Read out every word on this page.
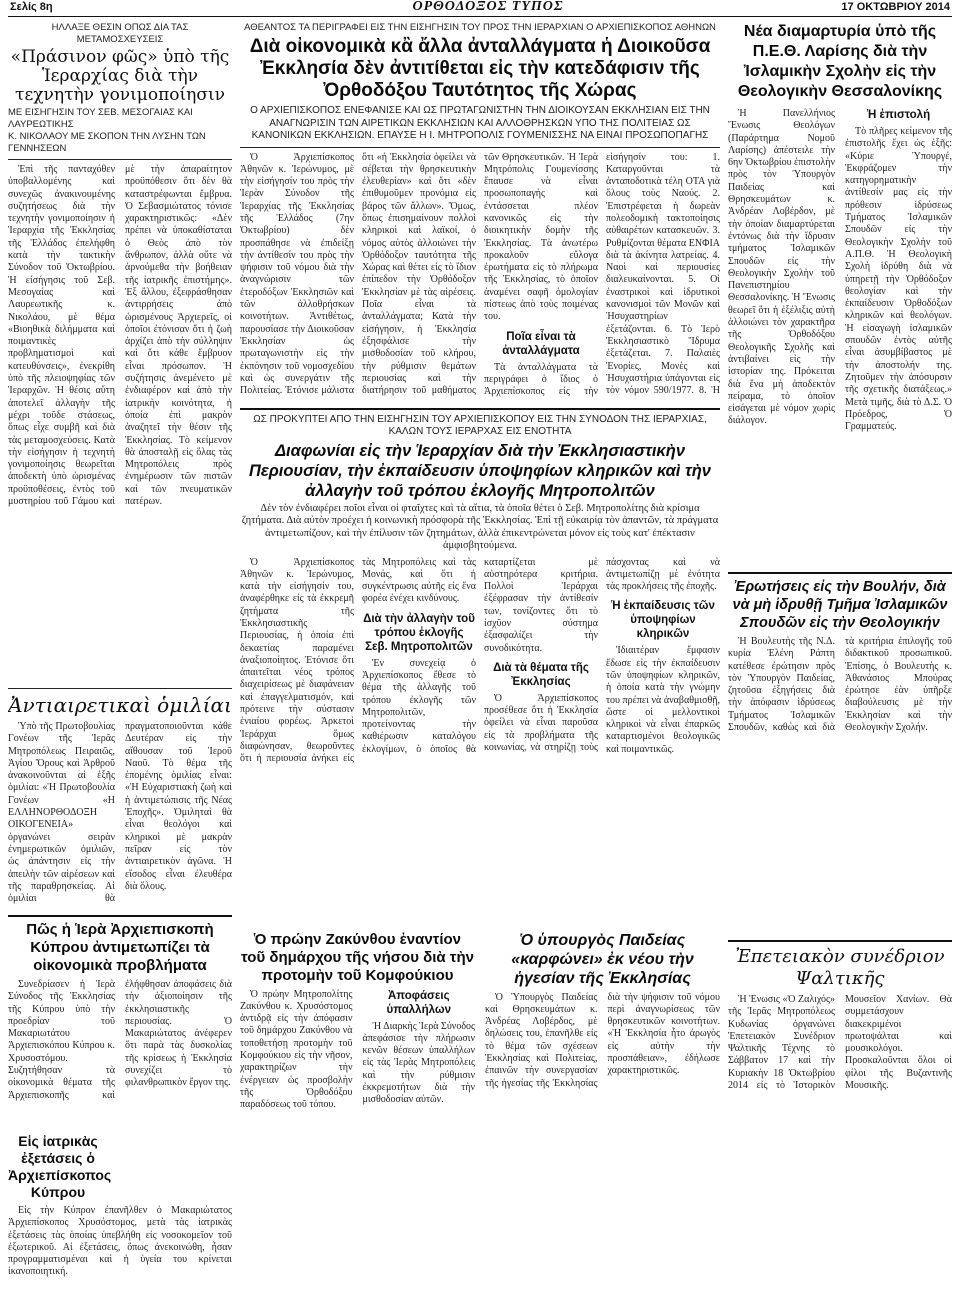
Σελίς 8η	ΟΡΘΟΔΟΞΟΣ ΤΥΠΟΣ	17 ΟΚΤΩΒΡΙΟΥ 2014
ΗΛΛΑΞΕ ΘΕΣΙΝ ΟΠΩΣ ΔΙΑ ΤΑΣ ΜΕΤΑΜΟΣΧΕΥΣΕΙΣ
«Πράσινον φῶς» ὑπὸ τῆς Ἱεραρχίας διὰ τὴν τεχνητὴν γονιμοποίησιν
ΜΕ ΕΙΣΗΓΗΣΙΝ ΤΟΥ ΣΕΒ. ΜΕΣΟΓΑΙΑΣ ΚΑΙ ΛΑΥΡΕΩΤΙΚΗΣ
Κ. ΝΙΚΟΛΑΟΥ ΜΕ ΣΚΟΠΟΝ ΤΗΝ ΛΥΣΗΝ ΤΩΝ ΓΕΝΝΗΣΕΩΝ

Ἐπὶ τῆς πανταχόθεν ὑποβαλλομένης καὶ συνεχῶς ἀνακινουμένης συζητήσεως διὰ τὴν τεχνητὴν γονιμοποίησιν ἡ Ἱεραρχία τῆς Ἐκκλησίας τῆς Ἑλλάδος ἐπελήφθη κατὰ τὴν τακτικὴν Σύνοδον τοῦ Ὀκτωβρίου. Ἡ εἰσήγησις τοῦ Σεβ. Μεσογαίας καὶ Λαυρεωτικῆς κ. Νικολάου, μὲ θέμα «Βιοηθικὰ διλήμματα καὶ ποιμαντικὲς προβληματισμοὶ καὶ κατευθύνσεις», ἐνεκρίθη ὑπὸ τῆς πλειοψηφίας τῶν Ἱεραρχῶν. Ἡ θέσις αὕτη ἀποτελεῖ ἀλλαγὴν τῆς μέχρι τοῦδε στάσεως, ὅπως εἶχε συμβῆ καὶ διὰ τὰς μεταμοσχεύσεις. Κατὰ τὴν εἰσήγησιν ἡ τεχνητὴ γονιμοποίησις θεωρεῖται ἀποδεκτὴ ὑπὸ ὡρισμένας προϋποθέσεις, ἐντὸς τοῦ μυστηρίου τοῦ Γάμου καὶ μὲ τὴν ἀπαραίτητον προϋπόθεσιν ὅτι δὲν θὰ καταστρέφωνται ἔμβρυα. Ὁ Σεβασμιώτατος τόνισε χαρακτηριστικῶς: «Δὲν πρέπει νὰ ὑποκαθίσταται ὁ Θεὸς ἀπὸ τὸν ἄνθρωπον, ἀλλὰ οὔτε νὰ ἀρνούμεθα τὴν βοήθειαν τῆς ἰατρικῆς ἐπιστήμης». Ἐξ ἄλλου, ἐξεφράσθησαν ἀντιρρήσεις ἀπὸ ὡρισμένους Ἀρχιερεῖς, οἱ ὁποῖοι ἐτόνισαν ὅτι ἡ ζωὴ ἀρχίζει ἀπὸ τὴν σύλληψιν καὶ ὅτι κάθε ἔμβρυον εἶναι πρόσωπον. Ἡ συζήτησις ἀνεμένετο μὲ ἐνδιαφέρον καὶ ἀπὸ τὴν ἰατρικὴν κοινότητα, ἡ ὁποία ἐπὶ μακρὸν ἀναζητεῖ τὴν θέσιν τῆς Ἐκκλησίας. Τὸ κείμενον θὰ ἀποσταλῇ εἰς ὅλας τὰς Μητροπόλεις πρὸς ἐνημέρωσιν τῶν πιστῶν καὶ τῶν πνευματικῶν πατέρων.

Ἀντιαιρετικαὶ ὁμιλίαι

Ὑπὸ τῆς Πρωτοβουλίας Γονέων τῆς Ἱερᾶς Μητροπόλεως Πειραιῶς, Ἁγίου Ὄρους καὶ Ἀρθροῦ ἀνακοινοῦνται αἱ ἑξῆς ὁμιλίαι: «Ἡ Πρωτοβουλία Γονέων «Η ΕΛΛΗΝΟΡΘΟΔΟΞΗ ΟΙΚΟΓΕΝΕΙΑ» ὀργανώνει σειρὰν ἐνημερωτικῶν ὁμιλιῶν, ὡς ἀπάντησιν εἰς τὴν ἀπειλὴν τῶν αἱρέσεων καὶ τῆς παραθρησκείας. Αἱ ὁμιλίαι θὰ πραγματοποιοῦνται κάθε Δευτέραν εἰς τὴν αἴθουσαν τοῦ Ἱεροῦ Ναοῦ. Τὸ θέμα τῆς ἑπομένης ὁμιλίας εἶναι: «Ἡ Εὐχαριστιακὴ ζωὴ καὶ ἡ ἀντιμετώπισις τῆς Νέας Ἐποχῆς». Ὁμιληταὶ θὰ εἶναι θεολόγοι καὶ κληρικοὶ μὲ μακρὰν πεῖραν εἰς τὸν ἀντιαιρετικὸν ἀγῶνα. Ἡ εἴσοδος εἶναι ἐλευθέρα διὰ ὅλους.

Πῶς ἡ Ἱερὰ Ἀρχιεπισκοπὴ Κύπρου ἀντιμετωπίζει τὰ οἰκονομικὰ προβλήματα

Συνεδρίασεν ἡ Ἱερὰ Σύνοδος τῆς Ἐκκλησίας τῆς Κύπρου ὑπὸ τὴν προεδρίαν τοῦ Μακαριωτάτου Ἀρχιεπισκόπου Κύπρου κ. Χρυσοστόμου. Συζητήθησαν τὰ οἰκονομικὰ θέματα τῆς Ἀρχιεπισκοπῆς καὶ ἐλήφθησαν ἀποφάσεις διὰ τὴν ἀξιοποίησιν τῆς ἐκκλησιαστικῆς περιουσίας. Ὁ Μακαριώτατος ἀνέφερεν ὅτι παρὰ τὰς δυσκολίας τῆς κρίσεως ἡ Ἐκκλησία συνεχίζει τὸ φιλανθρωπικὸν ἔργον της.

Εἰς ἰατρικὰς ἐξετάσεις ὁ Ἀρχιεπίσκοπος Κύπρου

Εἰς τὴν Κύπρον ἐπανῆλθεν ὁ Μακαριώτατος Ἀρχιεπίσκοπος Χρυσόστομος, μετὰ τὰς ἰατρικὰς ἐξετάσεις τὰς ὁποίας ὑπεβλήθη εἰς νοσοκομεῖον τοῦ ἐξωτερικοῦ. Αἱ ἐξετάσεις, ὅπως ἀνεκοινώθη, ἦσαν προγραμματισμέναι καὶ ἡ ὑγεία του κρίνεται ἱκανοποιητική.

ΑΘΕΑΝΤΟΣ ΤΑ ΠΕΡΙΓΡΑΦΕΙ ΕΙΣ ΤΗΝ ΕΙΣΗΓΗΣΙΝ ΤΟΥ ΠΡΟΣ ΤΗΝ ΙΕΡΑΡΧΙΑΝ Ο ΑΡΧΙΕΠΙΣΚΟΠΟΣ ΑΘΗΝΩΝ
Διὰ οἰκονομικὰ κἂ ἄλλα ἀνταλλάγματα ἡ Διοικοῦσα Ἐκκλησία δὲν ἀντιτίθεται εἰς τὴν κατεδάφισιν τῆς Ὀρθοδόξου Ταυτότητος τῆς Χώρας
Ο ΑΡΧΙΕΠΙΣΚΟΠΟΣ ΕΝΕΦΑΝΙΣΕ ΚΑΙ ΩΣ ΠΡΩΤΑΓΩΝΙΣΤΗΝ ΤΗΝ ΔΙΟΙΚΟΥΣΑΝ ΕΚΚΛΗΣΙΑΝ ΕΙΣ ΤΗΝ ΑΝΑΓΝΩΡΙΣΙΝ ΤΩΝ ΑΙΡΕΤΙΚΩΝ ΕΚΚΛΗΣΙΩΝ ΚΑΙ ΑΛΛΟΘΡΗΣΚΩΝ ΥΠΟ ΤΗΣ ΠΟΛΙΤΕΙΑΣ ΩΣ ΚΑΝΟΝΙΚΩΝ ΕΚΚΛΗΣΙΩΝ. ΕΠΑΥΣΕ Η Ι. ΜΗΤΡΟΠΟΛΙΣ ΓΟΥΜΕΝΙΣΣΗΣ ΝΑ ΕΙΝΑΙ ΠΡΟΣΩΠΟΠΑΓΗΣ

Ὁ Ἀρχιεπίσκοπος Ἀθηνῶν κ. Ἱερώνυμος, μὲ τὴν εἰσήγησίν του πρὸς τὴν Ἱερὰν Σύνοδον τῆς Ἱεραρχίας τῆς Ἐκκλησίας τῆς Ἑλλάδος (7ην Ὀκτωβρίου) δὲν προσπάθησε νὰ ἐπιδείξῃ τὴν ἀντίθεσίν του πρὸς τὴν ψήφισιν τοῦ νόμου διὰ τὴν ἀναγνώρισιν τῶν ἑτεροδόξων Ἐκκλησιῶν καὶ τῶν ἀλλοθρήσκων κοινοτήτων. Ἀντιθέτως, παρουσίασε τὴν Διοικοῦσαν Ἐκκλησίαν ὡς πρωταγωνιστὴν εἰς τὴν ἐκπόνησιν τοῦ νομοσχεδίου καὶ ὡς συνεργάτιν τῆς Πολιτείας. Ἐτόνισε μάλιστα ὅτι «ἡ Ἐκκλησία ὀφείλει νὰ σέβεται τὴν θρησκευτικὴν ἐλευθερίαν» καὶ ὅτι «δὲν ἐπιθυμοῦμεν προνόμια εἰς βάρος τῶν ἄλλων». Ὅμως, ὅπως ἐπισημαίνουν πολλοὶ κληρικοὶ καὶ λαϊκοί, ὁ νόμος αὐτὸς ἀλλοιώνει τὴν Ὀρθόδοξον ταυτότητα τῆς Χώρας καὶ θέτει εἰς τὸ ἴδιον ἐπίπεδον τὴν Ὀρθόδοξον Ἐκκλησίαν μὲ τὰς αἱρέσεις. Ποῖα εἶναι τὰ ἀνταλλάγματα; Κατὰ τὴν εἰσήγησιν, ἡ Ἐκκλησία ἐξησφάλισε τὴν μισθοδοσίαν τοῦ κλήρου, τὴν ρύθμισιν θεμάτων περιουσίας καὶ τὴν διατήρησιν τοῦ μαθήματος τῶν Θρησκευτικῶν. Ἡ Ἱερὰ Μητρόπολις Γουμενίσσης ἔπαυσε νὰ εἶναι προσωποπαγὴς καὶ ἐντάσσεται πλέον κανονικῶς εἰς τὴν διοικητικὴν δομὴν τῆς Ἐκκλησίας. Τὰ ἀνωτέρω προκαλοῦν εὔλογα ἐρωτήματα εἰς τὸ πλήρωμα τῆς Ἐκκλησίας, τὸ ὁποῖον ἀναμένει σαφῆ ὁμολογίαν πίστεως ἀπὸ τοὺς ποιμένας του.

Ποῖα εἶναι τὰ ἀνταλλάγματα

Τὰ ἀνταλλάγματα τὰ περιγράφει ὁ ἴδιος ὁ Ἀρχιεπίσκοπος εἰς τὴν εἰσήγησίν του: 1. Καταργοῦνται τὰ ἀνταποδοτικὰ τέλη ΟΤΑ γιὰ ὅλους τοὺς Ναούς. 2. Ἐπιστρέφεται ἡ δωρεὰν πολεοδομικὴ τακτοποίησις αὐθαιρέτων κατασκευῶν. 3. Ρυθμίζονται θέματα ΕΝΦΙΑ διὰ τὰ ἀκίνητα λατρείας. 4. Ναοὶ καὶ περιουσίες διαλευκαίνονται. 5. Οἱ ἐναστρικοὶ καὶ ἱδρυτικοὶ κανονισμοὶ τῶν Μονῶν καὶ Ἡσυχαστηρίων ἐξετάζονται. 6. Τὸ Ἱερὸ Ἐκκλησιαστικὸ Ἵδρυμα ἐξετάζεται. 7. Παλαιὲς Ἐνορίες, Μονὲς καὶ Ἡσυχαστήρια ὑπάγονται εἰς τὸν νόμον 590/1977. 8. Ἡ

ΩΣ ΠΡΟΚΥΠΤΕΙ ΑΠΟ ΤΗΝ ΕΙΣΗΓΗΣΙΝ ΤΟΥ ΑΡΧΙΕΠΙΣΚΟΠΟΥ ΕΙΣ ΤΗΝ ΣΥΝΟΔΟΝ ΤΗΣ ΙΕΡΑΡΧΙΑΣ, ΚΑΛΩΝ ΤΟΥΣ ΙΕΡΑΡΧΑΣ ΕΙΣ ΕΝΟΤΗΤΑ
Διαφωνίαι εἰς τὴν Ἱεραρχίαν διὰ τὴν Ἐκκλησιαστικὴν Περιουσίαν, τὴν ἐκπαίδευσιν ὑποψηφίων κληρικῶν καὶ τὴν ἀλλαγὴν τοῦ τρόπου ἐκλογῆς Μητροπολιτῶν
Δὲν τὸν ἐνδιαφέρει ποῖοι εἶναι οἱ φταῖχτες καὶ τὰ αἴτια, τὰ ὁποῖα θέτει ὁ Σεβ. Μητροπολίτης διὰ κρίσιμα ζητήματα. Διὰ αὐτὸν προέχει ἡ κοινωνικὴ πρόσφορὰ τῆς Ἐκκλησίας. Ἐπὶ τῇ εὐκαιρίᾳ τὸν ἀπαντῶν, τὰ πράγματα ἀντιμετωπίζουν, καὶ τὴν ἐπίλυσιν τῶν ζητημάτων, ἀλλὰ ἐπικεντρώνεται μόνον εἰς τοὺς κατ' ἐπέκτασιν ἀμφισβητούμενα.

Ὁ Ἀρχιεπίσκοπος Ἀθηνῶν κ. Ἱερώνυμος, κατὰ τὴν εἰσήγησίν του, ἀναφέρθηκε εἰς τὰ ἐκκρεμῆ ζητήματα τῆς Ἐκκλησιαστικῆς Περιουσίας, ἡ ὁποία ἐπὶ δεκαετίας παραμένει ἀναξιοποίητος. Ἐτόνισε ὅτι ἀπαιτεῖται νέος τρόπος διαχειρίσεως μὲ διαφάνειαν καὶ ἐπαγγελματισμόν, καὶ πρότεινε τὴν σύστασιν ἑνιαίου φορέως. Ἀρκετοὶ Ἱεράρχαι ὅμως διαφώνησαν, θεωροῦντες ὅτι ἡ περιουσία ἀνήκει εἰς τὰς Μητροπόλεις καὶ τὰς Μονάς, καὶ ὅτι ἡ συγκέντρωσις αὐτῆς εἰς ἕνα φορέα ἐνέχει κινδύνους.

Διὰ τὴν ἀλλαγὴν τοῦ τρόπου ἐκλογῆς Σεβ. Μητροπολιτῶν

Ἐν συνεχείᾳ ὁ Ἀρχιεπίσκοπος ἔθεσε τὸ θέμα τῆς ἀλλαγῆς τοῦ τρόπου ἐκλογῆς τῶν Μητροπολιτῶν, προτείνοντας τὴν καθιέρωσιν καταλόγου ἐκλογίμων, ὁ ὁποῖος θὰ καταρτίζεται μὲ αὐστηρότερα κριτήρια. Πολλοὶ Ἱεράρχαι ἐξέφρασαν τὴν ἀντίθεσίν των, τονίζοντες ὅτι τὸ ἰσχῦον σύστημα ἐξασφαλίζει τὴν συνοδικότητα.

Διὰ τὰ θέματα τῆς Ἐκκλησίας

Ὁ Ἀρχιεπίσκοπος προσέθεσε ὅτι ἡ Ἐκκλησία ὀφείλει νὰ εἶναι παροῦσα εἰς τὰ προβλήματα τῆς κοινωνίας, νὰ στηρίζῃ τοὺς πάσχοντας καὶ νὰ ἀντιμετωπίζῃ μὲ ἐνότητα τὰς προκλήσεις τῆς ἐποχῆς.

Ἡ ἐκπαίδευσις τῶν ὑποψηφίων κληρικῶν

Ἰδιαιτέραν ἔμφασιν ἔδωσε εἰς τὴν ἐκπαίδευσιν τῶν ὑποψηφίων κληρικῶν, ἡ ὁποία κατὰ τὴν γνώμην του πρέπει νὰ ἀναβαθμισθῇ, ὥστε οἱ μελλοντικοὶ κληρικοὶ νὰ εἶναι ἐπαρκῶς καταρτισμένοι θεολογικῶς καὶ ποιμαντικῶς.

Ὁ πρώην Ζακύνθου ἐναντίον τοῦ δημάρχου τῆς νήσου διὰ τὴν προτομὴν τοῦ Κομφούκιου

Ὁ πρώην Μητροπολίτης Ζακύνθου κ. Χρυσόστομος ἀντιδρᾷ εἰς τὴν ἀπόφασιν τοῦ δημάρχου Ζακύνθου νὰ τοποθετήσῃ προτομὴν τοῦ Κομφούκιου εἰς τὴν νῆσον, χαρακτηρίζων τὴν ἐνέργειαν ὡς προσβολὴν τῆς Ὀρθοδόξου παραδόσεως τοῦ τόπου.

Ἀποφάσεις ὑπαλλήλων

Ἡ Διαρκὴς Ἱερὰ Σύνοδος ἀπεφάσισε τὴν πλήρωσιν κενῶν θέσεων ὑπαλλήλων εἰς τὰς Ἱερὰς Μητροπόλεις καὶ τὴν ρύθμισιν ἐκκρεμοτήτων διὰ τὴν μισθοδοσίαν αὐτῶν.

Ὁ ὑπουργὸς Παιδείας «καρφώνει» ἐκ νέου τὴν ἡγεσίαν τῆς Ἐκκλησίας

Ὁ Ὑπουργὸς Παιδείας καὶ Θρησκευμάτων κ. Ἀνδρέας Λοβέρδος, μὲ δηλώσεις του, ἐπανῆλθε εἰς τὸ θέμα τῶν σχέσεων Ἐκκλησίας καὶ Πολιτείας, ἐπαινῶν τὴν συνεργασίαν τῆς ἡγεσίας τῆς Ἐκκλησίας διὰ τὴν ψήφισιν τοῦ νόμου περὶ ἀναγνωρίσεως τῶν θρησκευτικῶν κοινοτήτων. «Ἡ Ἐκκλησία ἦτο ἀρωγὸς εἰς αὐτὴν τὴν προσπάθειαν», ἐδήλωσε χαρακτηριστικῶς.

Νέα διαμαρτυρία ὑπὸ τῆς Π.Ε.Θ. Λαρίσης διὰ τὴν Ἰσλαμικὴν Σχολὴν εἰς τὴν Θεολογικὴν Θεσσαλονίκης

Ἡ Πανελλήνιος Ἕνωσις Θεολόγων (Παράρτημα Νομοῦ Λαρίσης) ἀπέστειλε τὴν 6ην Ὀκτωβρίου ἐπιστολὴν πρὸς τὸν Ὑπουργὸν Παιδείας καὶ Θρησκευμάτων κ. Ἀνδρέαν Λοβέρδον, μὲ τὴν ὁποίαν διαμαρτύρεται ἐντόνως διὰ τὴν ἵδρυσιν τμήματος Ἰσλαμικῶν Σπουδῶν εἰς τὴν Θεολογικὴν Σχολὴν τοῦ Πανεπιστημίου Θεσσαλονίκης. Ἡ Ἕνωσις θεωρεῖ ὅτι ἡ ἐξέλιξις αὐτὴ ἀλλοιώνει τὸν χαρακτῆρα τῆς Ὀρθοδόξου Θεολογικῆς Σχολῆς καὶ ἀντιβαίνει εἰς τὴν ἱστορίαν της. Πρόκειται διὰ ἕνα μὴ ἀποδεκτὸν πείραμα, τὸ ὁποῖον εἰσάγεται μὲ νόμον χωρὶς διάλογον.

Ἡ ἐπιστολή

Τὸ πλῆρες κείμενον τῆς ἐπιστολῆς ἔχει ὡς ἑξῆς: «Κύριε Ὑπουργέ, Ἐκφράζομεν τὴν κατηγορηματικὴν ἀντίθεσίν μας εἰς τὴν πρόθεσιν ἱδρύσεως Τμήματος Ἰσλαμικῶν Σπουδῶν εἰς τὴν Θεολογικὴν Σχολὴν τοῦ Α.Π.Θ. Ἡ Θεολογικὴ Σχολὴ ἱδρύθη διὰ νὰ ὑπηρετῇ τὴν Ὀρθόδοξον θεολογίαν καὶ τὴν ἐκπαίδευσιν Ὀρθοδόξων κληρικῶν καὶ θεολόγων. Ἡ εἰσαγωγὴ ἰσλαμικῶν σπουδῶν ἐντὸς αὐτῆς εἶναι ἀσυμβίβαστος μὲ τὴν ἀποστολήν της. Ζητοῦμεν τὴν ἀπόσυρσιν τῆς σχετικῆς διατάξεως.» Μετὰ τιμῆς, διὰ τὸ Δ.Σ. Ὁ Πρόεδρος, Ὁ Γραμματεύς.

Ἐρωτήσεις εἰς τὴν Βουλήν, διὰ νὰ μὴ ἱδρυθῇ Τμῆμα Ἰσλαμικῶν Σπουδῶν εἰς τὴν Θεολογικήν

Ἡ Βουλευτὴς τῆς Ν.Δ. κυρία Ἐλένη Ράπτη κατέθεσε ἐρώτησιν πρὸς τὸν Ὑπουργὸν Παιδείας, ζητοῦσα ἐξηγήσεις διὰ τὴν ἀπόφασιν ἱδρύσεως Τμήματος Ἰσλαμικῶν Σπουδῶν, καθὼς καὶ διὰ τὰ κριτήρια ἐπιλογῆς τοῦ διδακτικοῦ προσωπικοῦ. Ἐπίσης, ὁ Βουλευτὴς κ. Ἀθανάσιος Μπούρας ἐρώτησε ἐὰν ὑπῆρξε διαβούλευσις μὲ τὴν Ἐκκλησίαν καὶ τὴν Θεολογικὴν Σχολήν.

Ἐπετειακὸν συνέδριον Ψαλτικῆς

Ἡ Ἑνωσις «Ὁ Ζαλιχός» τῆς Ἱερᾶς Μητροπόλεως Κυδωνίας ὀργανώνει Ἐπετειακὸν Συνέδριον Ψαλτικῆς Τέχνης τὸ Σάββατον 17 καὶ τὴν Κυριακὴν 18 Ὀκτωβρίου 2014 εἰς τὸ Ἱστορικὸν Μουσεῖον Χανίων. Θὰ συμμετάσχουν διακεκριμένοι πρωτοψάλται καὶ μουσικολόγοι. Προσκαλοῦνται ὅλοι οἱ φίλοι τῆς Βυζαντινῆς Μουσικῆς.
